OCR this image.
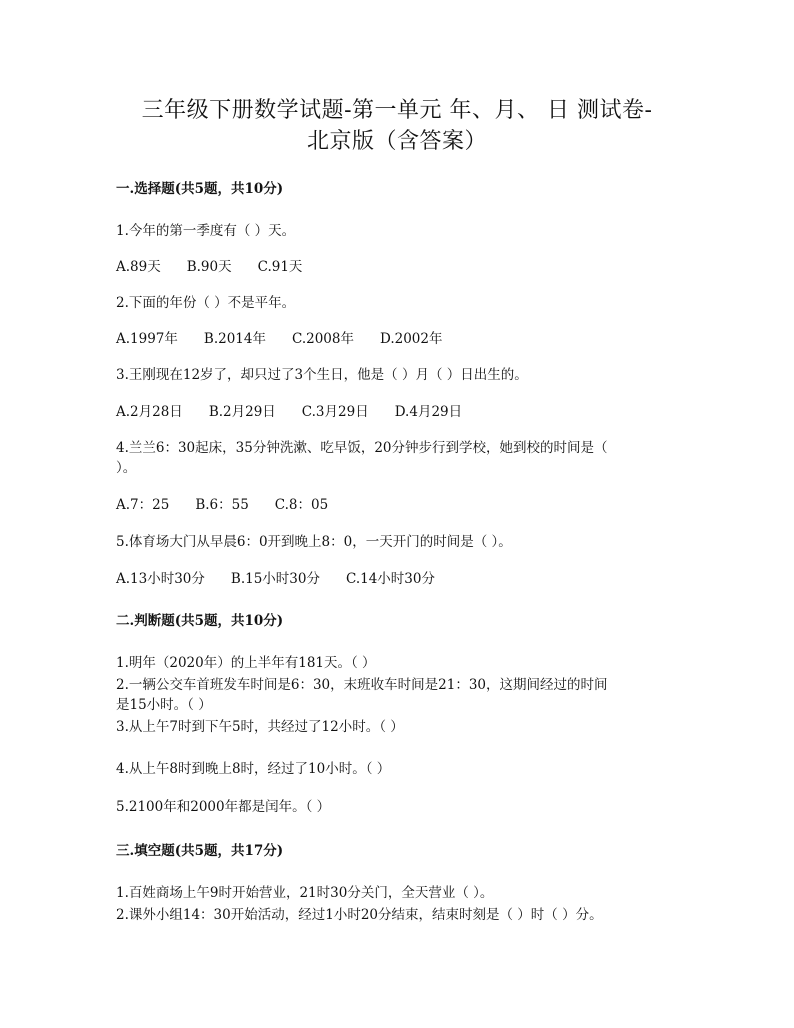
三年级下册数学试题-第一单元 年、月、 日 测试卷-
北京版（含答案）
一.选择题(共5题，共10分)
1.今年的第一季度有（ ）天。
A.89天 B.90天 C.91天
2.下面的年份（ ）不是平年。
A.1997年 B.2014年 C.2008年 D.2002年
3.王刚现在12岁了，却只过了3个生日，他是（ ）月（ ）日出生的。
A.2月28日 B.2月29日 C.3月29日 D.4月29日
4.兰兰6：30起床，35分钟洗漱、吃早饭，20分钟步行到学校，她到校的时间是（
）。
A.7：25 B.6：55 C.8：05
5.体育场大门从早晨6：0开到晚上8：0，一天开门的时间是（ ）。
A.13小时30分 B.15小时30分 C.14小时30分
二.判断题(共5题，共10分)
1.明年（2020年）的上半年有181天。（ ）
2.一辆公交车首班发车时间是6：30，末班收车时间是21：30，这期间经过的时间
是15小时。（ ）
3.从上午7时到下午5时，共经过了12小时。（ ）
4.从上午8时到晚上8时，经过了10小时。（ ）
5.2100年和2000年都是闰年。（ ）
三.填空题(共5题，共17分)
1.百姓商场上午9时开始营业，21时30分关门，全天营业（ ）。
2.课外小组14：30开始活动，经过1小时20分结束，结束时刻是（ ）时（ ）分。
